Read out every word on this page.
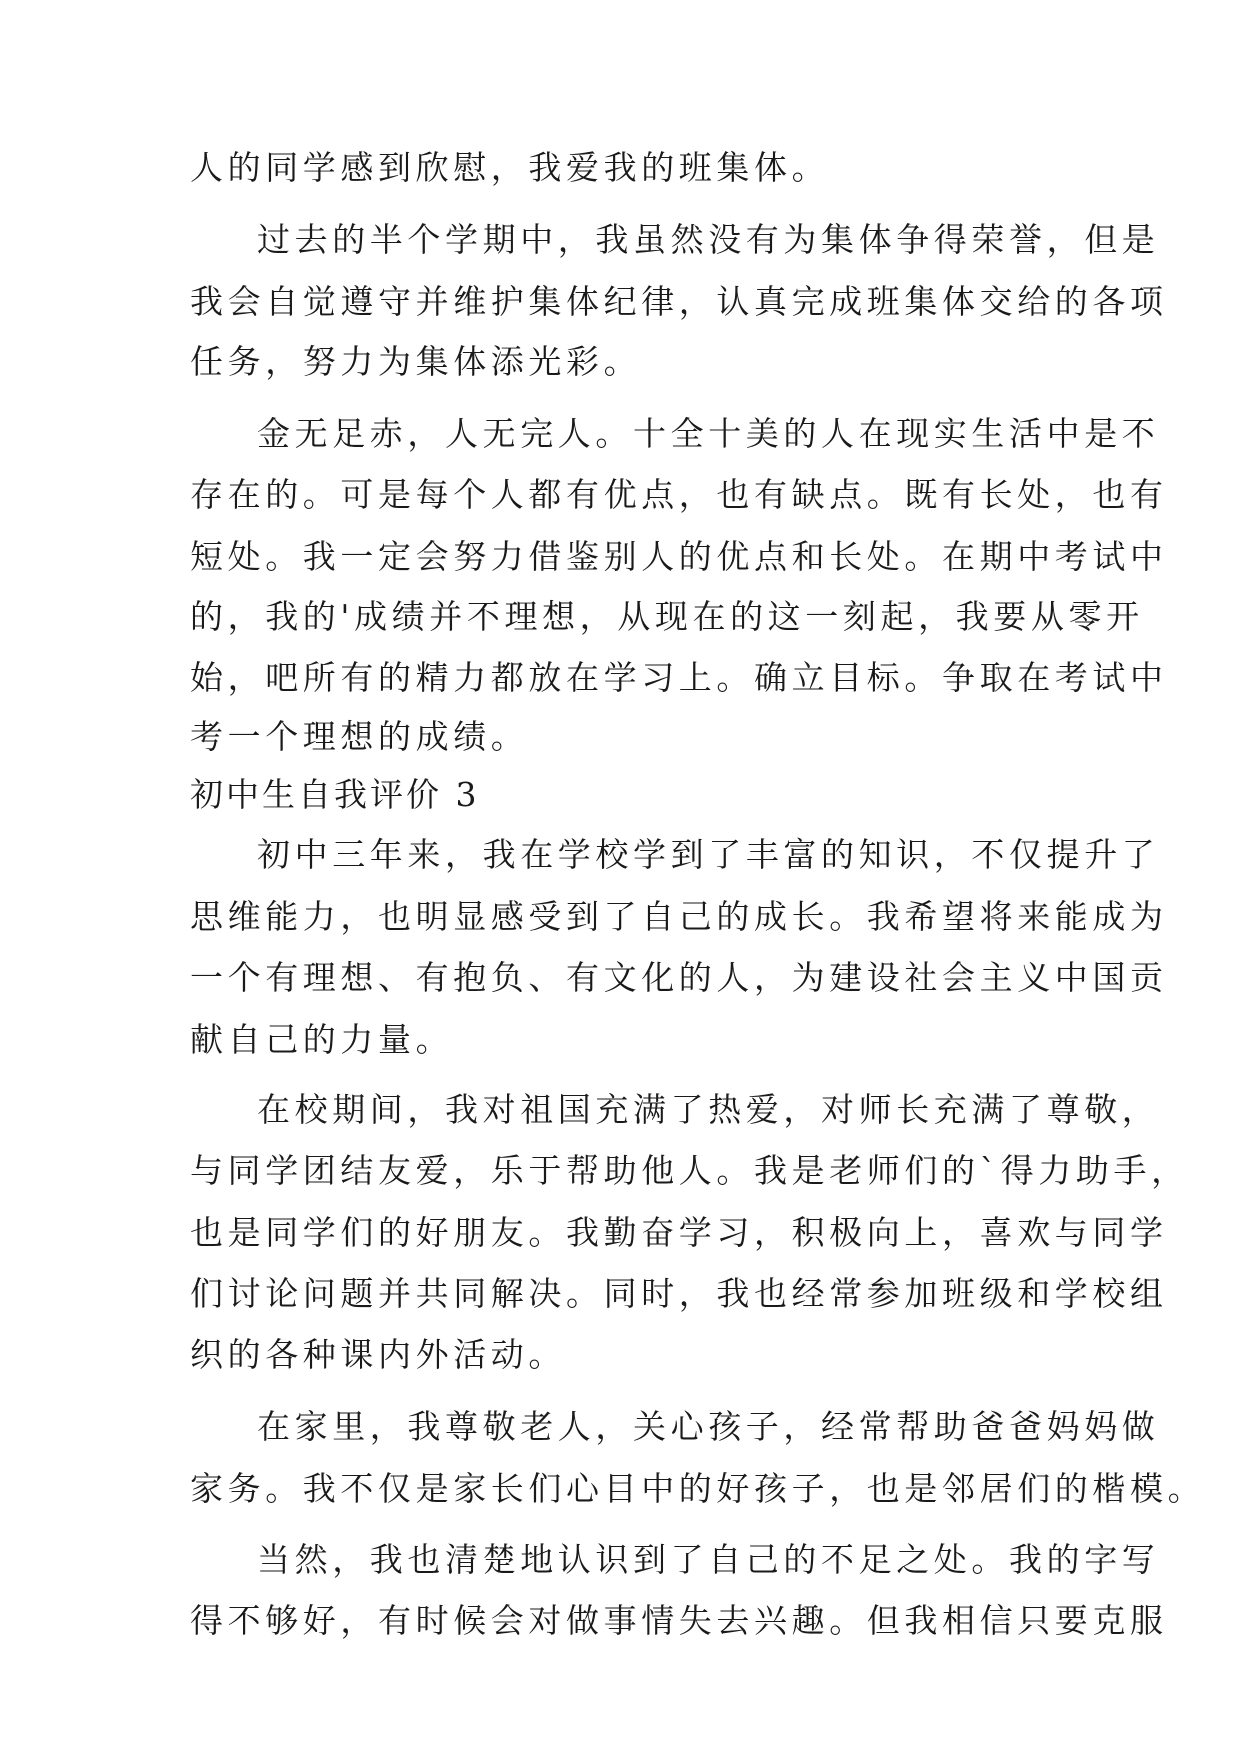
人的同学感到欣慰，我爱我的班集体。
过去的半个学期中，我虽然没有为集体争得荣誉，但是
我会自觉遵守并维护集体纪律，认真完成班集体交给的各项
任务，努力为集体添光彩。
金无足赤，人无完人。十全十美的人在现实生活中是不
存在的。可是每个人都有优点，也有缺点。既有长处，也有
短处。我一定会努力借鉴别人的优点和长处。在期中考试中
的，我的'成绩并不理想，从现在的这一刻起，我要从零开
始，吧所有的精力都放在学习上。确立目标。争取在考试中
考一个理想的成绩。
初中生自我评价 3
初中三年来，我在学校学到了丰富的知识，不仅提升了
思维能力，也明显感受到了自己的成长。我希望将来能成为
一个有理想、有抱负、有文化的人，为建设社会主义中国贡
献自己的力量。
在校期间，我对祖国充满了热爱，对师长充满了尊敬，
与同学团结友爱，乐于帮助他人。我是老师们的`得力助手，
也是同学们的好朋友。我勤奋学习，积极向上，喜欢与同学
们讨论问题并共同解决。同时，我也经常参加班级和学校组
织的各种课内外活动。
在家里，我尊敬老人，关心孩子，经常帮助爸爸妈妈做
家务。我不仅是家长们心目中的好孩子，也是邻居们的楷模。
当然，我也清楚地认识到了自己的不足之处。我的字写
得不够好，有时候会对做事情失去兴趣。但我相信只要克服
